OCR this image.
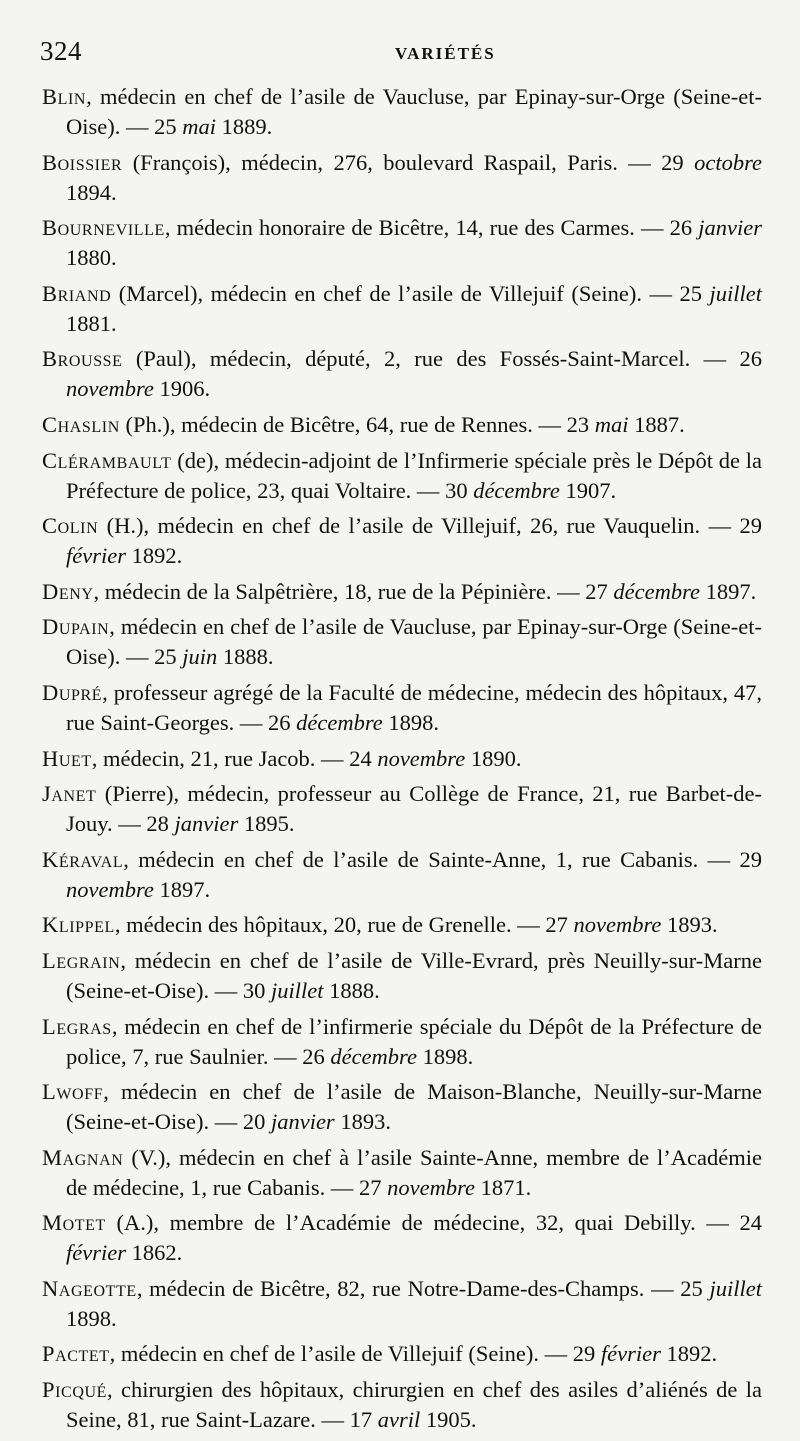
324	VARIÉTÉS

Blin, médecin en chef de l’asile de Vaucluse, par Epinay-sur-Orge (Seine-et-Oise). — 25 mai 1889.

Boissier (François), médecin, 276, boulevard Raspail, Paris. — 29 octobre 1894.

Bourneville, médecin honoraire de Bicêtre, 14, rue des Carmes. — 26 janvier 1880.

Briand (Marcel), médecin en chef de l’asile de Villejuif (Seine). — 25 juillet 1881.

Brousse (Paul), médecin, député, 2, rue des Fossés-Saint-Marcel. — 26 novembre 1906.

Chaslin (Ph.), médecin de Bicêtre, 64, rue de Rennes. — 23 mai 1887.

Clérambault (de), médecin-adjoint de l’Infirmerie spéciale près le Dépôt de la Préfecture de police, 23, quai Voltaire. — 30 décembre 1907.

Colin (H.), médecin en chef de l’asile de Villejuif, 26, rue Vauquelin. — 29 février 1892.

Deny, médecin de la Salpêtrière, 18, rue de la Pépinière. — 27 décembre 1897.

Dupain, médecin en chef de l’asile de Vaucluse, par Epinay-sur-Orge (Seine-et-Oise). — 25 juin 1888.

Dupré, professeur agrégé de la Faculté de médecine, médecin des hôpitaux, 47, rue Saint-Georges. — 26 décembre 1898.

Huet, médecin, 21, rue Jacob. — 24 novembre 1890.

Janet (Pierre), médecin, professeur au Collège de France, 21, rue Barbet-de-Jouy. — 28 janvier 1895.

Kéraval, médecin en chef de l’asile de Sainte-Anne, 1, rue Cabanis. — 29 novembre 1897.

Klippel, médecin des hôpitaux, 20, rue de Grenelle. — 27 novembre 1893.

Legrain, médecin en chef de l’asile de Ville-Evrard, près Neuilly-sur-Marne (Seine-et-Oise). — 30 juillet 1888.

Legras, médecin en chef de l’infirmerie spéciale du Dépôt de la Préfecture de police, 7, rue Saulnier. — 26 décembre 1898.

Lwoff, médecin en chef de l’asile de Maison-Blanche, Neuilly-sur-Marne (Seine-et-Oise). — 20 janvier 1893.

Magnan (V.), médecin en chef à l’asile Sainte-Anne, membre de l’Académie de médecine, 1, rue Cabanis. — 27 novembre 1871.

Motet (A.), membre de l’Académie de médecine, 32, quai Debilly. — 24 février 1862.

Nageotte, médecin de Bicêtre, 82, rue Notre-Dame-des-Champs. — 25 juillet 1898.

Pactet, médecin en chef de l’asile de Villejuif (Seine). — 29 février 1892.

Picqué, chirurgien des hôpitaux, chirurgien en chef des asiles d’aliénés de la Seine, 81, rue Saint-Lazare. — 17 avril 1905.
